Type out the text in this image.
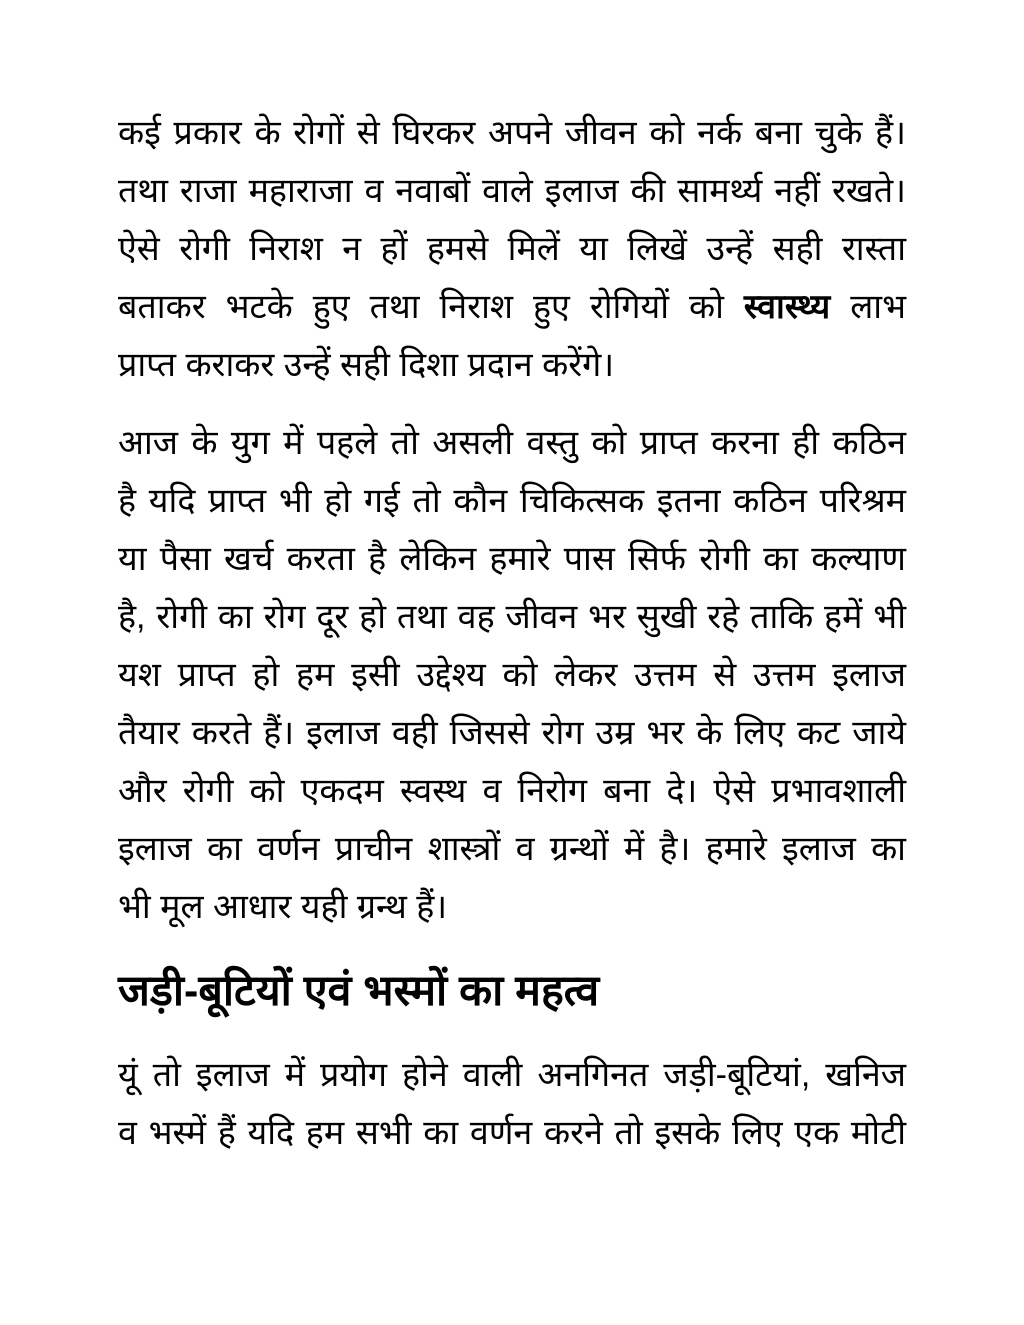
कई प्रकार के रोगों से घिरकर अपने जीवन को नर्क बना चुके हैं।
तथा राजा महाराजा व नवाबों वाले इलाज की सामर्थ्य नहीं रखते।
ऐसे रोगी निराश न हों हमसे मिलें या लिखें उन्हें सही रास्ता
बताकर भटके हुए तथा निराश हुए रोगियों को स्वास्थ्य लाभ
प्राप्त कराकर उन्हें सही दिशा प्रदान करेंगे।
आज के युग में पहले तो असली वस्तु को प्राप्त करना ही कठिन
है यदि प्राप्त भी हो गई तो कौन चिकित्सक इतना कठिन परिश्रम
या पैसा खर्च करता है लेकिन हमारे पास सिर्फ रोगी का कल्याण
है, रोगी का रोग दूर हो तथा वह जीवन भर सुखी रहे ताकि हमें भी
यश प्राप्त हो हम इसी उद्देश्य को लेकर उत्तम से उत्तम इलाज
तैयार करते हैं। इलाज वही जिससे रोग उम्र भर के लिए कट जाये
और रोगी को एकदम स्वस्थ व निरोग बना दे। ऐसे प्रभावशाली
इलाज का वर्णन प्राचीन शास्त्रों व ग्रन्थों में है। हमारे इलाज का
भी मूल आधार यही ग्रन्थ हैं।
जड़ी-बूटियों एवं भस्मों का महत्व
यूं तो इलाज में प्रयोग होने वाली अनगिनत जड़ी-बूटियां, खनिज
व भस्में हैं यदि हम सभी का वर्णन करने तो इसके लिए एक मोटी
